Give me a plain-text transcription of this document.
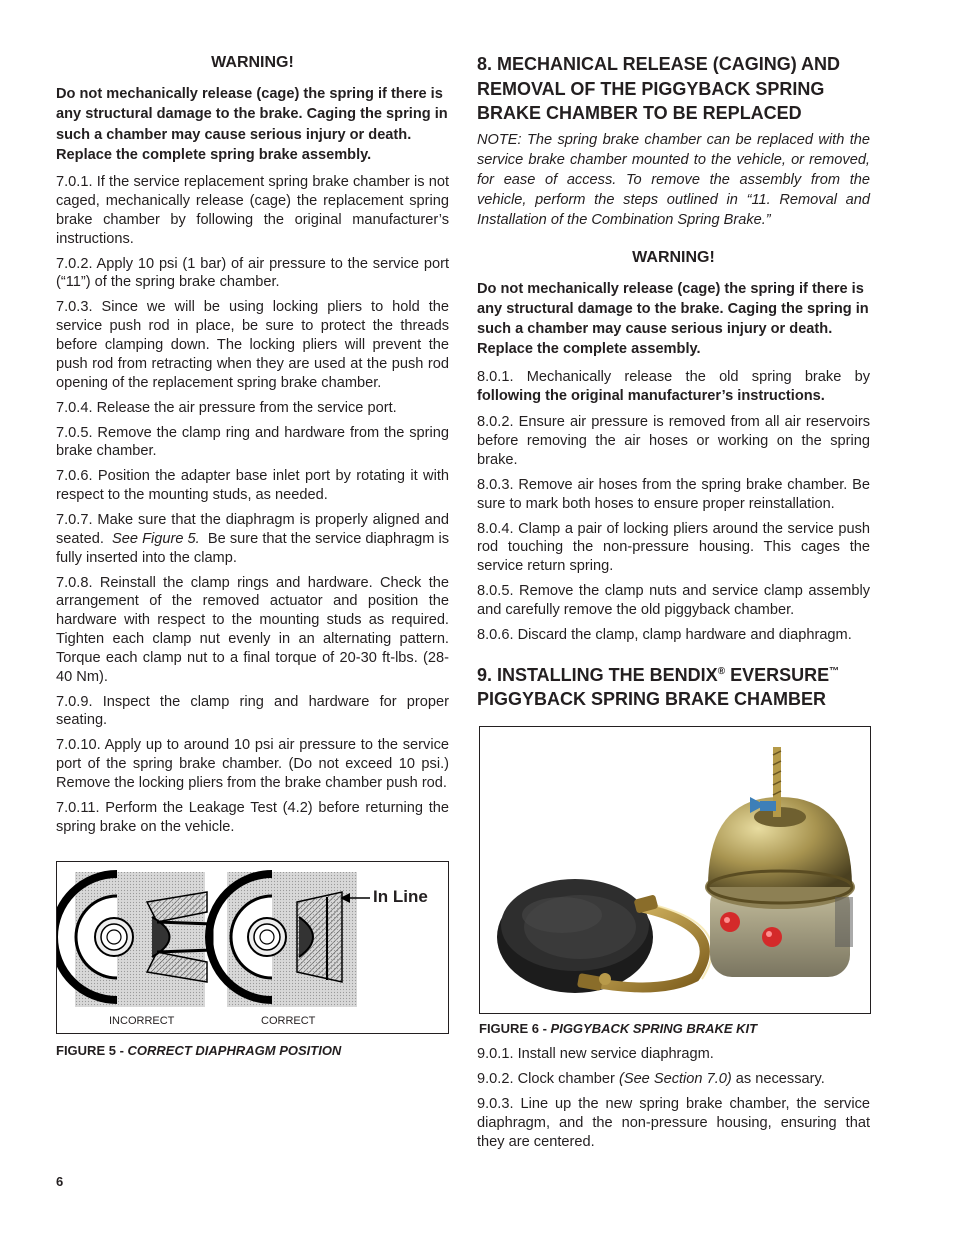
WARNING!
Do not mechanically release (cage) the spring if there is any structural damage to the brake. Caging the spring in such a chamber may cause serious injury or death. Replace the complete spring brake assembly.

7.0.1. If the service replacement spring brake chamber is not caged, mechanically release (cage) the replacement spring brake chamber by following the original manufacturer’s instructions.

7.0.2. Apply 10 psi (1 bar) of air pressure to the service port (“11”) of the spring brake chamber.

7.0.3. Since we will be using locking pliers to hold the service push rod in place, be sure to protect the threads before clamping down. The locking pliers will prevent the push rod from retracting when they are used at the push rod opening of the replacement spring brake chamber.

7.0.4. Release the air pressure from the service port.

7.0.5. Remove the clamp ring and hardware from the spring brake chamber.

7.0.6. Position the adapter base inlet port by rotating it with respect to the mounting studs, as needed.

7.0.7. Make sure that the diaphragm is properly aligned and seated. See Figure 5. Be sure that the service diaphragm is fully inserted into the clamp.

7.0.8. Reinstall the clamp rings and hardware. Check the arrangement of the removed actuator and position the hardware with respect to the mounting studs as required. Tighten each clamp nut evenly in an alternating pattern. Torque each clamp nut to a final torque of 20-30 ft-lbs. (28-40 Nm).

7.0.9. Inspect the clamp ring and hardware for proper seating.

7.0.10. Apply up to around 10 psi air pressure to the service port of the spring brake chamber. (Do not exceed 10 psi.) Remove the locking pliers from the brake chamber push rod.

7.0.11. Perform the Leakage Test (4.2) before returning the spring brake on the vehicle.

INCORRECT	CORRECT
In Line
FIGURE 5 - CORRECT DIAPHRAGM POSITION
8. MECHANICAL RELEASE (CAGING) AND REMOVAL OF THE PIGGYBACK SPRING BRAKE CHAMBER TO BE REPLACED
NOTE: The spring brake chamber can be replaced with the service brake chamber mounted to the vehicle, or removed, for ease of access. To remove the assembly from the vehicle, perform the steps outlined in “11. Removal and Installation of the Combination Spring Brake.”
WARNING!
Do not mechanically release (cage) the spring if there is any structural damage to the brake. Caging the spring in such a chamber may cause serious injury or death. Replace the complete assembly.

8.0.1. Mechanically release the old spring brake by following the original manufacturer’s instructions.

8.0.2. Ensure air pressure is removed from all air reservoirs before removing the air hoses or working on the spring brake.

8.0.3. Remove air hoses from the spring brake chamber. Be sure to mark both hoses to ensure proper reinstallation.

8.0.4. Clamp a pair of locking pliers around the service push rod touching the non-pressure housing. This cages the service return spring.

8.0.5. Remove the clamp nuts and service clamp assembly and carefully remove the old piggyback chamber.

8.0.6. Discard the clamp, clamp hardware and diaphragm.

9. INSTALLING THE BENDIX® EVERSURE™
PIGGYBACK SPRING BRAKE CHAMBER
FIGURE 6 - PIGGYBACK SPRING BRAKE KIT

9.0.1. Install new service diaphragm.

9.0.2. Clock chamber (See Section 7.0) as necessary.

9.0.3. Line up the new spring brake chamber, the service diaphragm, and the non-pressure housing, ensuring that they are centered.

6
